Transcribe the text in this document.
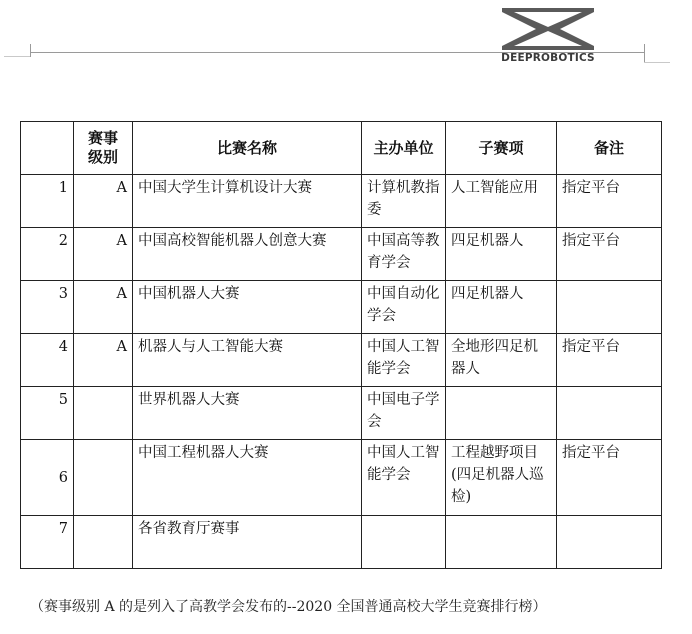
DEEPROBOTICS
	赛事级别	比赛名称	主办单位	子赛项	备注
1	A	中国大学生计算机设计大赛	计算机教指委	人工智能应用	指定平台
2	A	中国高校智能机器人创意大赛	中国高等教育学会	四足机器人	指定平台
3	A	中国机器人大赛	中国自动化学会	四足机器人	
4	A	机器人与人工智能大赛	中国人工智能学会	全地形四足机器人	指定平台
5		世界机器人大赛	中国电子学会		
6		中国工程机器人大赛	中国人工智能学会	工程越野项目(四足机器人巡检)	指定平台
7		各省教育厅赛事			
（赛事级别 A 的是列入了高教学会发布的--2020 全国普通高校大学生竞赛排行榜）
